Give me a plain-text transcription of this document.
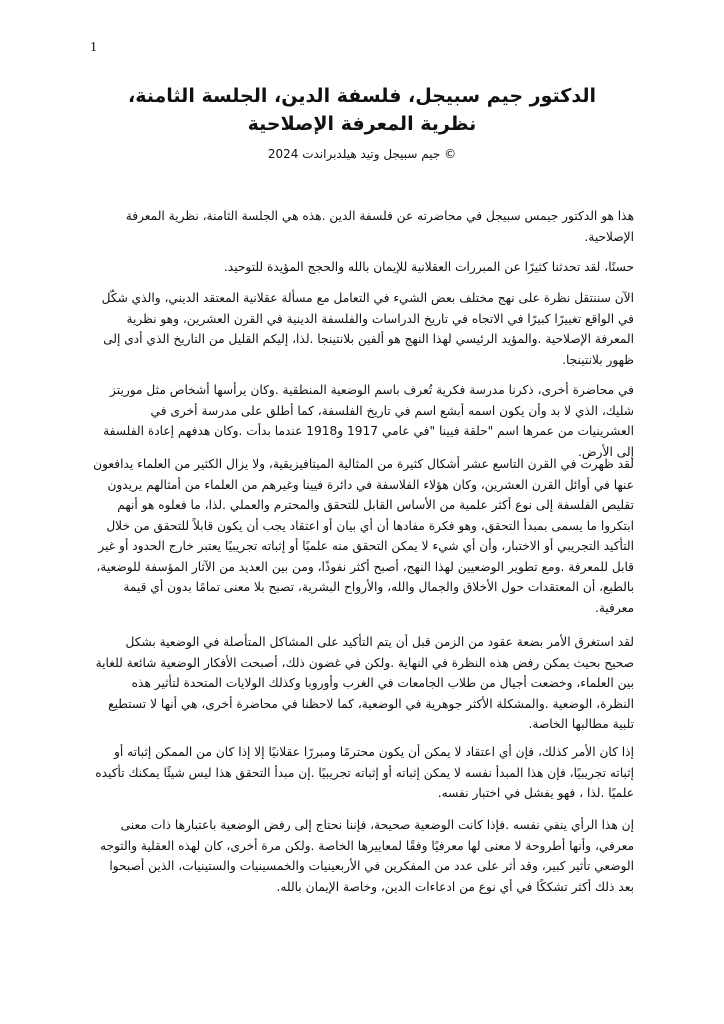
1
،الدكتور جيم سبيجل، فلسفة الدين، الجلسة الثامنة
نظرية المعرفة الإصلاحية
جيم سبيجل وتيد هيلدبراندت 2024 ©

هذا هو الدكتور جيمس سبيجل في محاضرته عن فلسفة الدين .هذه هي الجلسة الثامنة، نظرية المعرفة الإصلاحية.

حسنًا، لقد تحدثنا كثيرًا عن المبررات العقلانية للإيمان بالله والحجج المؤيدة للتوحيد.

الآن سننتقل نظرة على نهج مختلف بعض الشيء في التعامل مع مسألة عقلانية المعتقد الديني، والذي شكّل في الواقع تغييرًا كبيرًا في الاتجاه في تاريخ الدراسات والفلسفة الدينية في القرن العشرين، وهو نظرية المعرفة الإصلاحية .والمؤيد الرئيسي لهذا النهج هو ألفين بلانتينجا .لذا، إليكم القليل من التاريخ الذي أدى إلى ظهور بلانتينجا.

في محاضرة أخرى، ذكرنا مدرسة فكرية تُعرف باسم الوضعية المنطقية .وكان يرأسها أشخاص مثل موريتز شليك، الذي لا بد وأن يكون اسمه أبشع اسم في تاريخ الفلسفة، كما أطلق على مدرسة أخرى في العشرينيات من عمرها اسم "حلقة فيينا "في عامي 1917 و1918 عندما بدأت .وكان هدفهم إعادة الفلسفة إلى الأرض.

لقد ظهرت في القرن التاسع عشر أشكال كثيرة من المثالية الميتافيزيقية، ولا يزال الكثير من العلماء يدافعون عنها في أوائل القرن العشرين، وكان هؤلاء الفلاسفة في دائرة فيينا وغيرهم من العلماء من أمثالهم يريدون تقليص الفلسفة إلى نوع أكثر علمية من الأساس القابل للتحقق والمحترم والعملي .لذا، ما فعلوه هو أنهم ابتكروا ما يسمى بمبدأ التحقق، وهو فكرة مفادها أن أي بيان أو اعتقاد يجب أن يكون قابلاً للتحقق من خلال التأكيد التجريبي أو الاختبار، وأن أي شيء لا يمكن التحقق منه علميًا أو إثباته تجريبيًا يعتبر خارج الحدود أو غير قابل للمعرفة .ومع تطوير الوضعيين لهذا النهج، أصبح أكثر نفوذًا، ومن بين العديد من الآثار المؤسفة للوضعية، بالطبع، أن المعتقدات حول الأخلاق والجمال والله، والأرواح البشرية، تصبح بلا معنى تمامًا بدون أي قيمة معرفية.

لقد استغرق الأمر بضعة عقود من الزمن قبل أن يتم التأكيد على المشاكل المتأصلة في الوضعية بشكل صحيح بحيث يمكن رفض هذه النظرة في النهاية .ولكن في غضون ذلك، أصبحت الأفكار الوضعية شائعة للغاية بين العلماء، وخضعت أجيال من طلاب الجامعات في الغرب وأوروبا وكذلك الولايات المتحدة لتأثير هذه النظرة، الوضعية .والمشكلة الأكثر جوهرية في الوضعية، كما لاحظنا في محاضرة أخرى، هي أنها لا تستطيع تلبية مطالبها الخاصة.

إذا كان الأمر كذلك، فإن أي اعتقاد لا يمكن أن يكون محترمًا ومبررًا عقلانيًا إلا إذا كان من الممكن إثباته أو إثباته تجريبيًا، فإن هذا المبدأ نفسه لا يمكن إثباته أو إثباته تجريبيًا .إن مبدأ التحقق هذا ليس شيئًا يمكنك تأكيده علميًا .لذا ، فهو يفشل في اختبار نفسه.

إن هذا الرأي ينفي نفسه .فإذا كانت الوضعية صحيحة، فإننا نحتاج إلى رفض الوضعية باعتبارها ذات معنى معرفي، وأنها أطروحة لا معنى لها معرفيًا وفقًا لمعاييرها الخاصة .ولكن مرة أخرى، كان لهذه العقلية والتوجه الوضعي تأثير كبير، وقد أثر على عدد من المفكرين في الأربعينيات والخمسينيات والستينيات، الذين أصبحوا بعد ذلك أكثر تشككًا في أي نوع من ادعاءات الدين، وخاصة الإيمان بالله.
